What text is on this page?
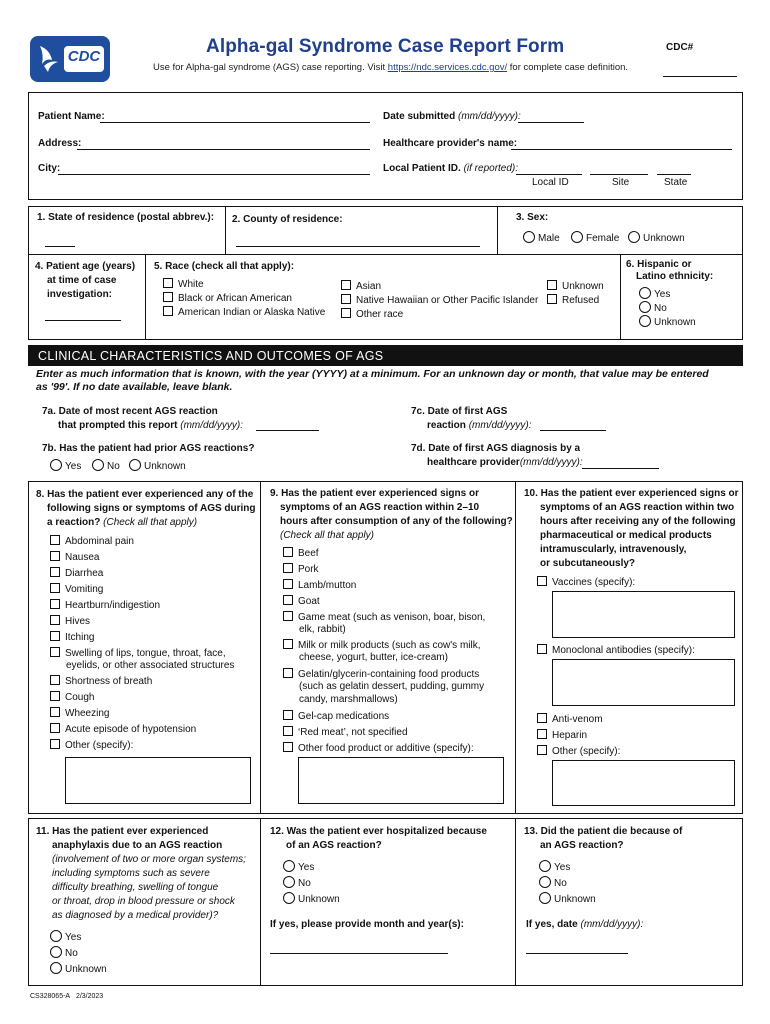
CDC	Alpha-gal Syndrome Case Report Form
Use for Alpha-gal syndrome (AGS) case reporting. Visit https://ndc.services.cdc.gov/ for complete case definition.
CDC#
Patient Name:
Address:
City:
Date submitted (mm/dd/yyyy):
Healthcare provider's name:
Local Patient ID. (if reported):
Local ID	Site	State
1. State of residence (postal abbrev.): 2. County of residence:	3. Sex:
Male	Female	Unknown
4. Patient age (years)
at time of case
investigation:
5. Race (check all that apply):
White
Black or African American
American Indian or Alaska Native
Asian
Native Hawaiian or Other Pacific Islander
Other race
Unknown
Refused
6. Hispanic or
Latino ethnicity:
Yes
No
Unknown
CLINICAL CHARACTERISTICS AND OUTCOMES OF AGS
Enter as much information that is known, with the year (YYYY) at a minimum. For an unknown day or month, that value may be entered
as '99'. If no date available, leave blank.
7a. Date of most recent AGS reaction
that prompted this report (mm/dd/yyyy):
7b. Has the patient had prior AGS reactions?
Yes	No	Unknown
7c. Date of first AGS
reaction (mm/dd/yyyy):
7d. Date of first AGS diagnosis by a
healthcare provider(mm/dd/yyyy):
8. Has the patient ever experienced any of the
following signs or symptoms of AGS during
a reaction? (Check all that apply)
Abdominal pain
Nausea
Diarrhea
Vomiting
Heartburn/indigestion
Hives
Itching
Swelling of lips, tongue, throat, face,
eyelids, or other associated structures
Shortness of breath
Cough
Wheezing
Acute episode of hypotension
Other (specify):
9. Has the patient ever experienced signs or
symptoms of an AGS reaction within 2–10
hours after consumption of any of the following?
(Check all that apply)
Beef
Pork
Lamb/mutton
Goat
Game meat (such as venison, boar, bison,
elk, rabbit)
Milk or milk products (such as cow's milk,
cheese, yogurt, butter, ice-cream)
Gelatin/glycerin-containing food products
(such as gelatin dessert, pudding, gummy
candy, marshmallows)
Gel-cap medications
‘Red meat’, not specified
Other food product or additive (specify):
10. Has the patient ever experienced signs or
symptoms of an AGS reaction within two
hours after receiving any of the following
pharmaceutical or medical products
intramuscularly, intravenously,
or subcutaneously?
Vaccines (specify):
Monoclonal antibodies (specify):
Anti-venom
Heparin
Other (specify):
11. Has the patient ever experienced
anaphylaxis due to an AGS reaction
(involvement of two or more organ systems;
including symptoms such as severe
difficulty breathing, swelling of tongue
or throat, drop in blood pressure or shock
as diagnosed by a medical provider)?
Yes
No
Unknown
12. Was the patient ever hospitalized because
of an AGS reaction?
Yes
No
Unknown
If yes, please provide month and year(s):
13. Did the patient die because of
an AGS reaction?
Yes
No
Unknown
If yes, date (mm/dd/yyyy):
CS328065-A 2/3/2023
